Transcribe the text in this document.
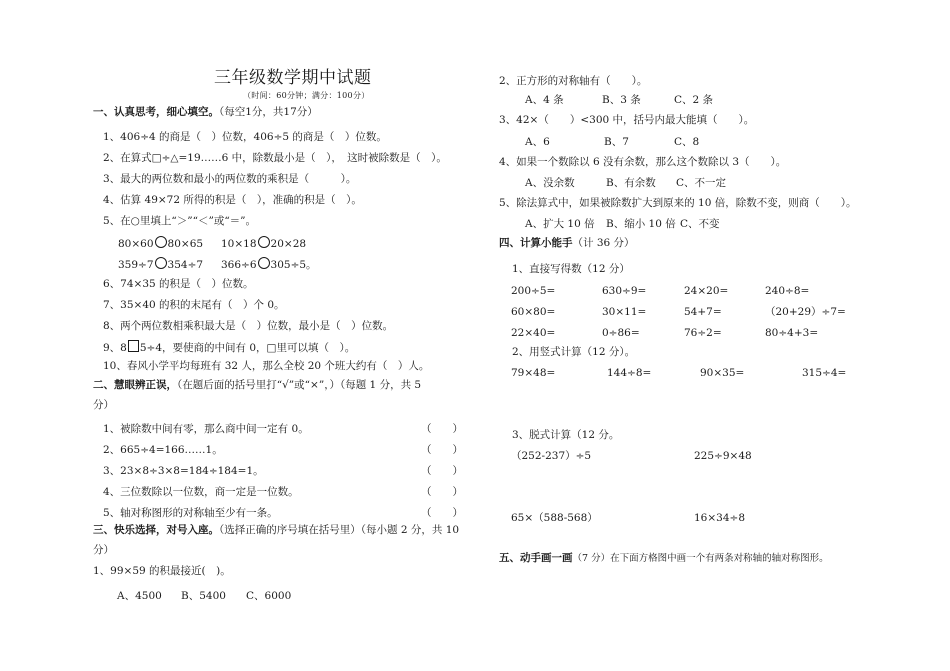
三年级数学期中试题
（时间：60分钟；满分：100分）
一、认真思考，细心填空。（每空1分，共17分）
1、406÷4 的商是（　）位数，406÷5 的商是（　）位数。
2、在算式□÷△=19……6 中，除数最小是（　），　这时被除数是（　）。
3、最大的两位数和最小的两位数的乘积是（　　　）。
4、估算 49×72 所得的积是（　），准确的积是（　）。
5、在○里填上“＞”“＜”或“＝”。
80×60 80×65 10×18 20×28
359÷7 354÷7 366÷6 305÷5。
6、74×35 的积是（　）位数。
7、35×40 的积的末尾有（　）个 0。
8、两个两位数相乘积最大是（　）位数，最小是（　）位数。
9、8 5÷4，要使商的中间有 0，□里可以填（　）。
10、春风小学平均每班有 32 人，那么全校 20 个班大约有（　）人。
二、慧眼辨正误，（在题后面的括号里打“√”或“×”，）（每题 1 分，共 5
分）
1、被除数中间有零，那么商中间一定有 0。	（　　）
2、665÷4=166……1。	（　　）
3、23×8÷3×8=184÷184=1。	（　　）
4、三位数除以一位数，商一定是一位数。	（　　）
5、轴对称图形的对称轴至少有一条。	（　　）
三、快乐选择，对号入座。（选择正确的序号填在括号里）（每小题 2 分，共 10
分）
1、99×59 的积最接近(　)。
A、4500 B、5400 C、6000
2、正方形的对称轴有（　　）。
A、4 条	B、3 条	C、2 条
3、42×（　　）<300 中，括号内最大能填（　　）。
A、6	B、7	C、8
4、如果一个数除以 6 没有余数，那么这个数除以 3（　　）。
A、没余数	B、有余数 C、不一定
5、除法算式中，如果被除数扩大到原来的 10 倍，除数不变，则商（　　）。
A、扩大 10 倍 B、缩小 10 倍 C、不变
四、计算小能手（计 36 分）
1、直接写得数（12 分）
200÷5=	630÷9=	24×20=	240÷8=
60×80=	30×11=	54+7=	（20+29）÷7=
22×40=	0÷86=	76÷2=	80÷4+3=
2、用竖式计算（12 分）。
79×48=	144÷8=	90×35=	315÷4=
3、脱式计算（12 分。
（252-237）÷5	225÷9×48
65×（588-568）	16×34÷8
五、动手画一画（7 分）在下面方格图中画一个有两条对称轴的轴对称图形。
